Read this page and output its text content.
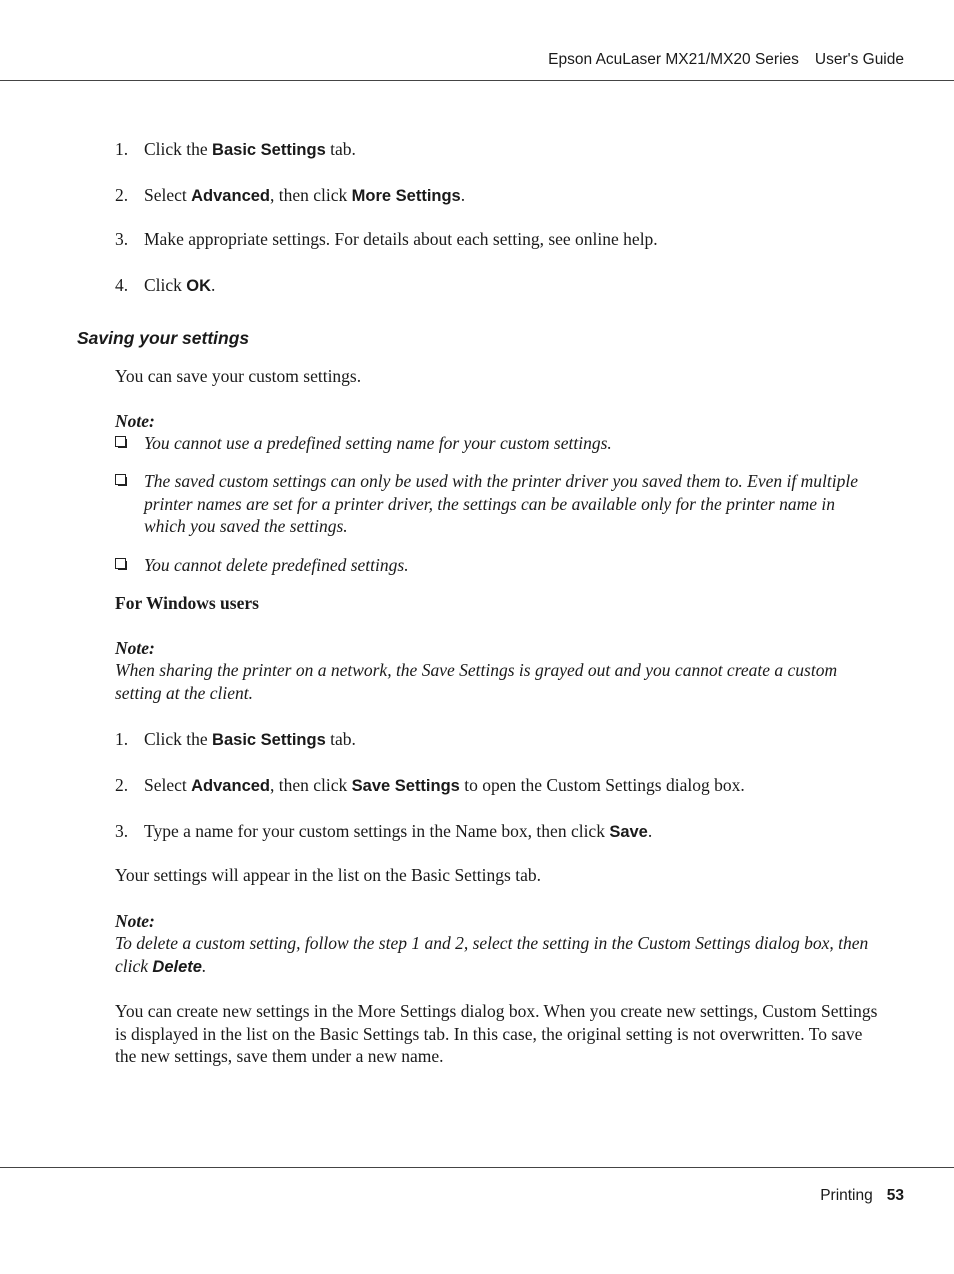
Epson AcuLaser MX21/MX20 Series User's Guide
1. Click the Basic Settings tab.
2. Select Advanced, then click More Settings.
3. Make appropriate settings. For details about each setting, see online help.
4. Click OK.
Saving your settings
You can save your custom settings.
Note:
You cannot use a predefined setting name for your custom settings.
The saved custom settings can only be used with the printer driver you saved them to. Even if multiple printer names are set for a printer driver, the settings can be available only for the printer name in which you saved the settings.
You cannot delete predefined settings.
For Windows users
Note:
When sharing the printer on a network, the Save Settings is grayed out and you cannot create a custom setting at the client.
1. Click the Basic Settings tab.
2. Select Advanced, then click Save Settings to open the Custom Settings dialog box.
3. Type a name for your custom settings in the Name box, then click Save.
Your settings will appear in the list on the Basic Settings tab.
Note:
To delete a custom setting, follow the step 1 and 2, select the setting in the Custom Settings dialog box, then click Delete.
You can create new settings in the More Settings dialog box. When you create new settings, Custom Settings is displayed in the list on the Basic Settings tab. In this case, the original setting is not overwritten. To save the new settings, save them under a new name.
Printing 53
